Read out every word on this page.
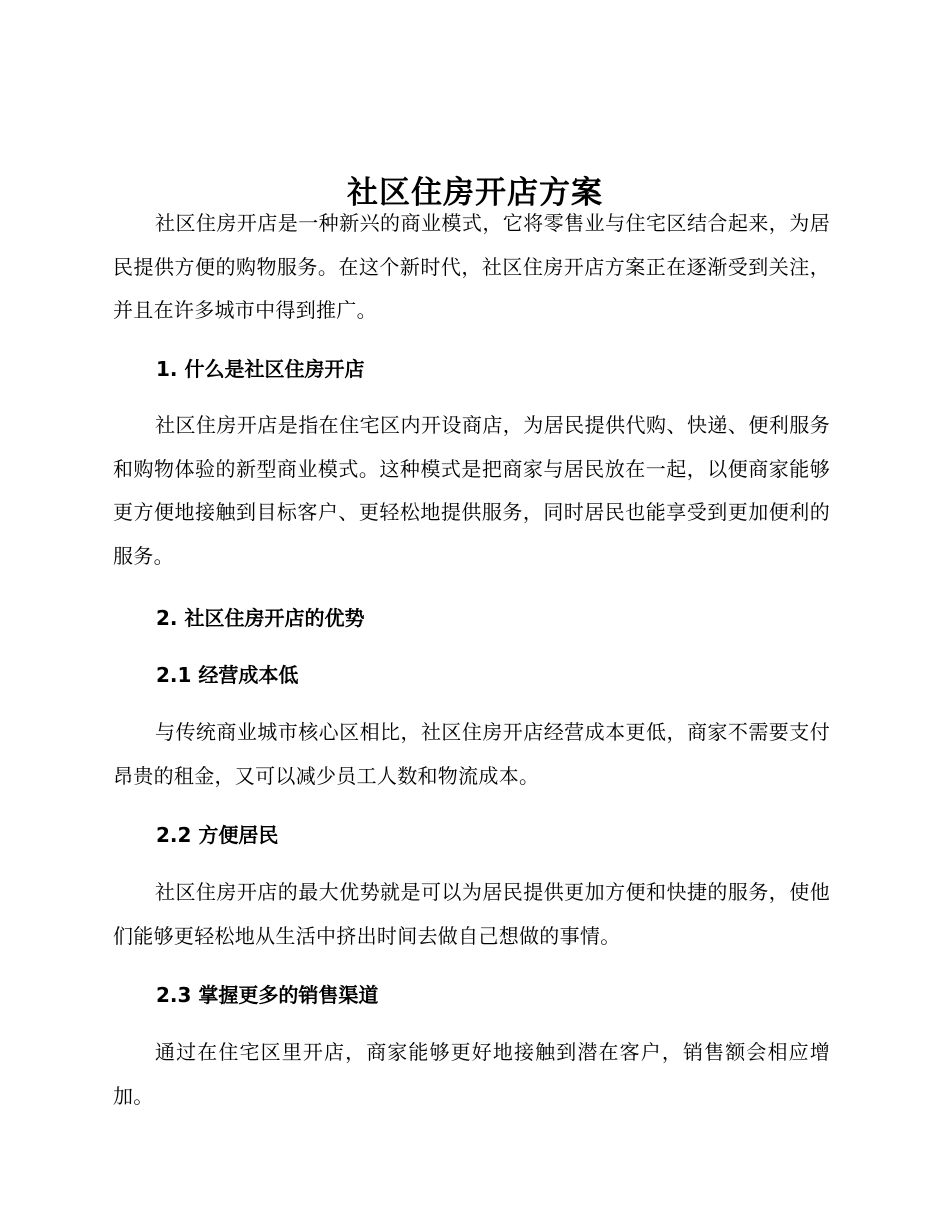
社区住房开店方案

社区住房开店是一种新兴的商业模式，它将零售业与住宅区结合起来，为居民提供方便的购物服务。在这个新时代，社区住房开店方案正在逐渐受到关注，并且在许多城市中得到推广。

1. 什么是社区住房开店

社区住房开店是指在住宅区内开设商店，为居民提供代购、快递、便利服务和购物体验的新型商业模式。这种模式是把商家与居民放在一起，以便商家能够更方便地接触到目标客户、更轻松地提供服务，同时居民也能享受到更加便利的服务。

2. 社区住房开店的优势
2.1 经营成本低

与传统商业城市核心区相比，社区住房开店经营成本更低，商家不需要支付昂贵的租金，又可以减少员工人数和物流成本。

2.2 方便居民

社区住房开店的最大优势就是可以为居民提供更加方便和快捷的服务，使他们能够更轻松地从生活中挤出时间去做自己想做的事情。

2.3 掌握更多的销售渠道

通过在住宅区里开店，商家能够更好地接触到潜在客户，销售额会相应增加。
